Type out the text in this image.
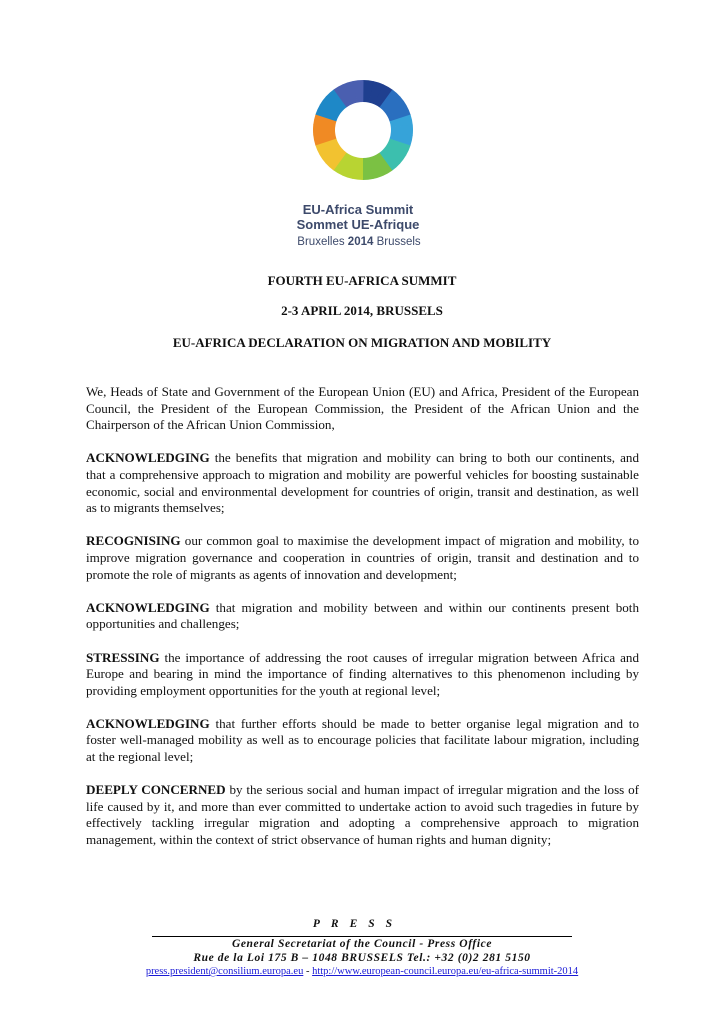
EU-Africa Summit
Sommet UE-Afrique
Bruxelles 2014 Brussels
FOURTH EU-AFRICA SUMMIT
2-3 APRIL 2014, BRUSSELS
EU-AFRICA DECLARATION ON MIGRATION AND MOBILITY

We, Heads of State and Government of the European Union (EU) and Africa, President of the European Council, the President of the European Commission, the President of the African Union and the Chairperson of the African Union Commission,

ACKNOWLEDGING the benefits that migration and mobility can bring to both our continents, and that a comprehensive approach to migration and mobility are powerful vehicles for boosting sustainable economic, social and environmental development for countries of origin, transit and destination, as well as to migrants themselves;

RECOGNISING our common goal to maximise the development impact of migration and mobility, to improve migration governance and cooperation in countries of origin, transit and destination and to promote the role of migrants as agents of innovation and development;

ACKNOWLEDGING that migration and mobility between and within our continents present both opportunities and challenges;

STRESSING the importance of addressing the root causes of irregular migration between Africa and Europe and bearing in mind the importance of finding alternatives to this phenomenon including by providing employment opportunities for the youth at regional level;

ACKNOWLEDGING that further efforts should be made to better organise legal migration and to foster well-managed mobility as well as to encourage policies that facilitate labour migration, including at the regional level;

DEEPLY CONCERNED by the serious social and human impact of irregular migration and the loss of life caused by it, and more than ever committed to undertake action to avoid such tragedies in future by effectively tackling irregular migration and adopting a comprehensive approach to migration management, within the context of strict observance of human rights and human dignity;

PRESS
General Secretariat of the Council - Press Office
Rue de la Loi 175 B – 1048 BRUSSELS Tel.: +32 (0)2 281 5150
press.president@consilium.europa.eu - http://www.european-council.europa.eu/eu-africa-summit-2014
